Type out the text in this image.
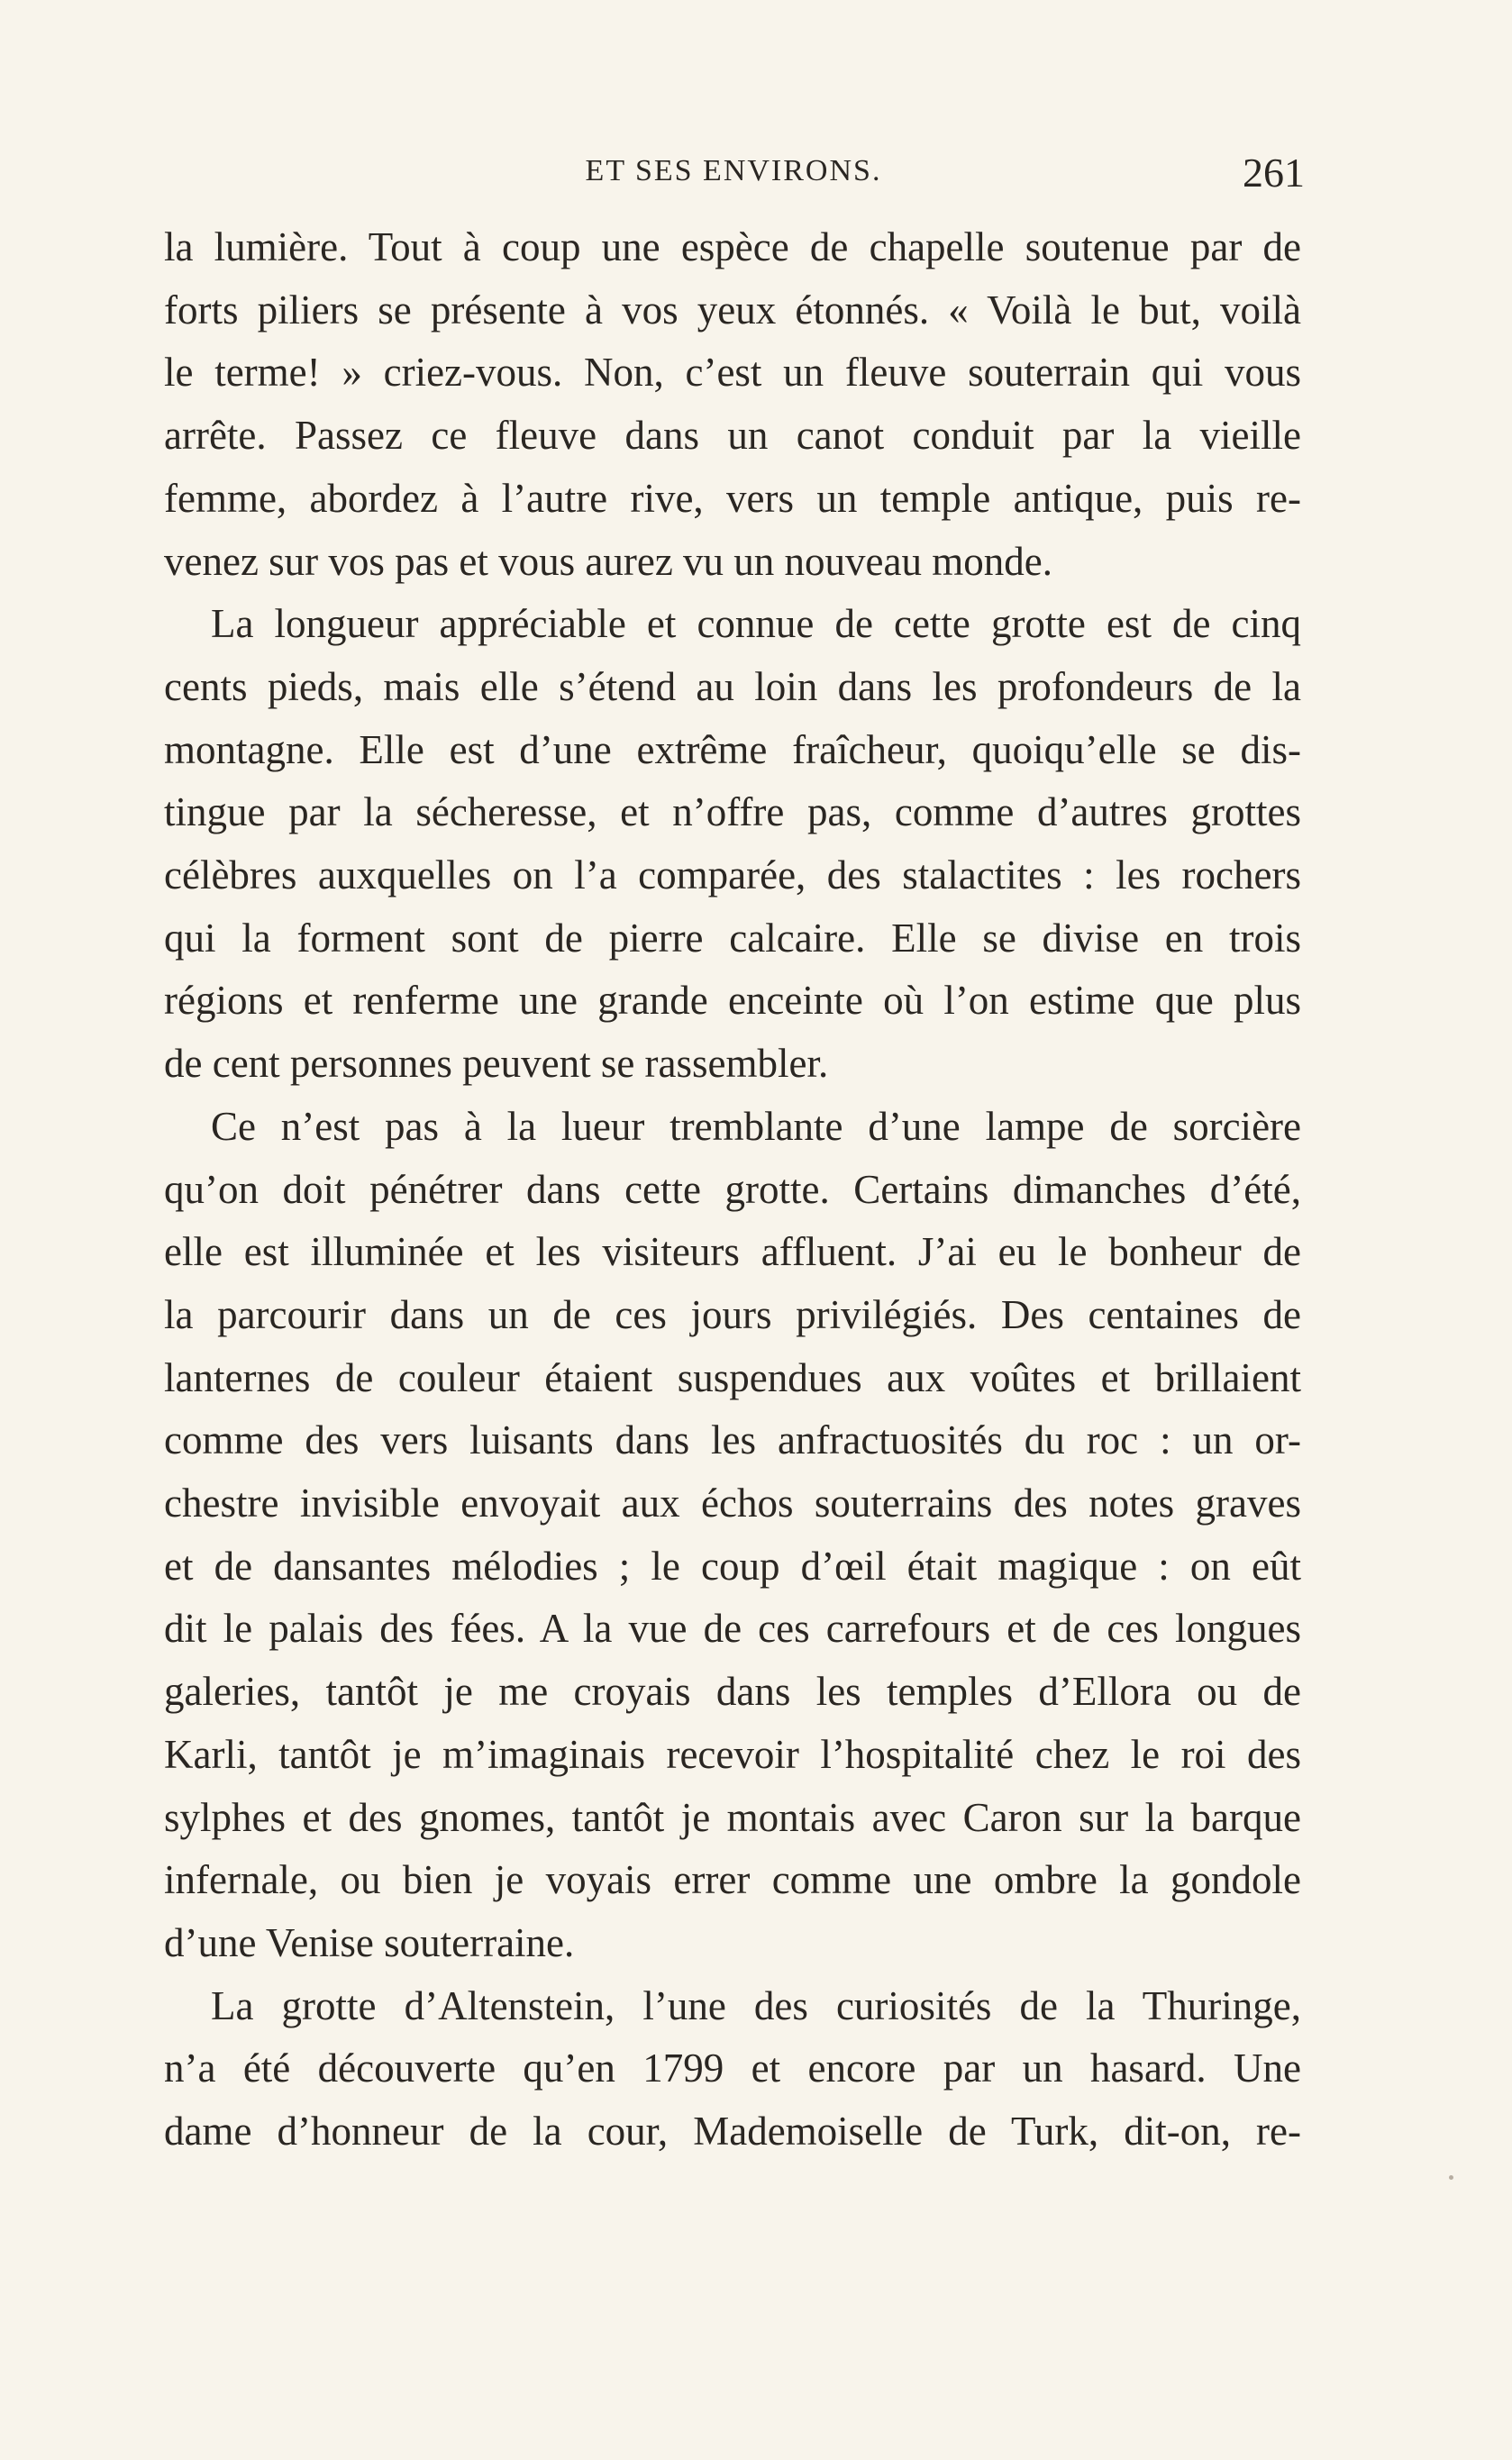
ET SES ENVIRONS.	261

la lumière. Tout à coup une espèce de chapelle soutenue par de
forts piliers se présente à vos yeux étonnés. « Voilà le but, voilà
le terme! » criez-vous. Non, c’est un fleuve souterrain qui vous
arrête. Passez ce fleuve dans un canot conduit par la vieille
femme, abordez à l’autre rive, vers un temple antique, puis re-
venez sur vos pas et vous aurez vu un nouveau monde.

La longueur appréciable et connue de cette grotte est de cinq
cents pieds, mais elle s’étend au loin dans les profondeurs de la
montagne. Elle est d’une extrême fraîcheur, quoiqu’elle se dis-
tingue par la sécheresse, et n’offre pas, comme d’autres grottes
célèbres auxquelles on l’a comparée, des stalactites : les rochers
qui la forment sont de pierre calcaire. Elle se divise en trois
régions et renferme une grande enceinte où l’on estime que plus
de cent personnes peuvent se rassembler.

Ce n’est pas à la lueur tremblante d’une lampe de sorcière
qu’on doit pénétrer dans cette grotte. Certains dimanches d’été,
elle est illuminée et les visiteurs affluent. J’ai eu le bonheur de
la parcourir dans un de ces jours privilégiés. Des centaines de
lanternes de couleur étaient suspendues aux voûtes et brillaient
comme des vers luisants dans les anfractuosités du roc : un or-
chestre invisible envoyait aux échos souterrains des notes graves
et de dansantes mélodies ; le coup d’œil était magique : on eût
dit le palais des fées. A la vue de ces carrefours et de ces longues
galeries, tantôt je me croyais dans les temples d’Ellora ou de
Karli, tantôt je m’imaginais recevoir l’hospitalité chez le roi des
sylphes et des gnomes, tantôt je montais avec Caron sur la barque
infernale, ou bien je voyais errer comme une ombre la gondole
d’une Venise souterraine.

La grotte d’Altenstein, l’une des curiosités de la Thuringe,
n’a été découverte qu’en 1799 et encore par un hasard. Une
dame d’honneur de la cour, Mademoiselle de Turk, dit-on, re-
